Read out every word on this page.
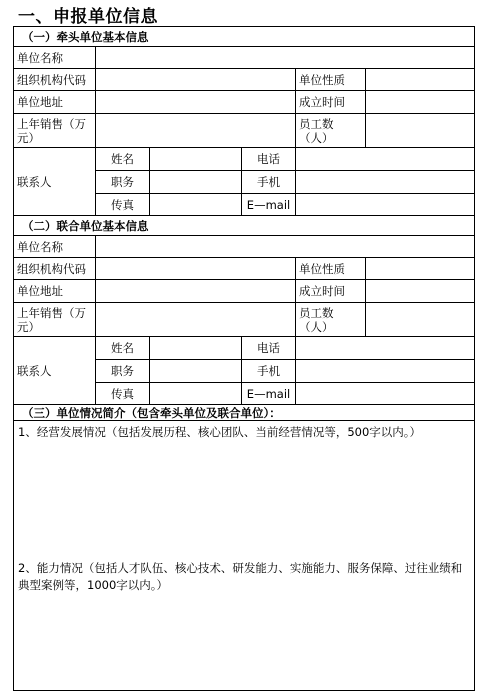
一、申报单位信息
（一）牵头单位基本信息					
单位名称					
组织机构代码				单位性质	
单位地址				成立时间	
上年销售（万元）				员工数（人）	
联系人	姓名		电话		
	职务		手机		
	传真		E—mail		
（二）联合单位基本信息					
单位名称					
组织机构代码				单位性质	
单位地址				成立时间	
上年销售（万元）				员工数（人）	
联系人	姓名		电话		
	职务		手机		
	传真		E—mail		
（三）单位情况简介（包含牵头单位及联合单位）：					

1、经营发展情况（包括发展历程、核心团队、当前经营情况等，500字以内。）

2、能力情况（包括人才队伍、核心技术、研发能力、实施能力、服务保障、过往业绩和典型案例等，1000字以内。）					
